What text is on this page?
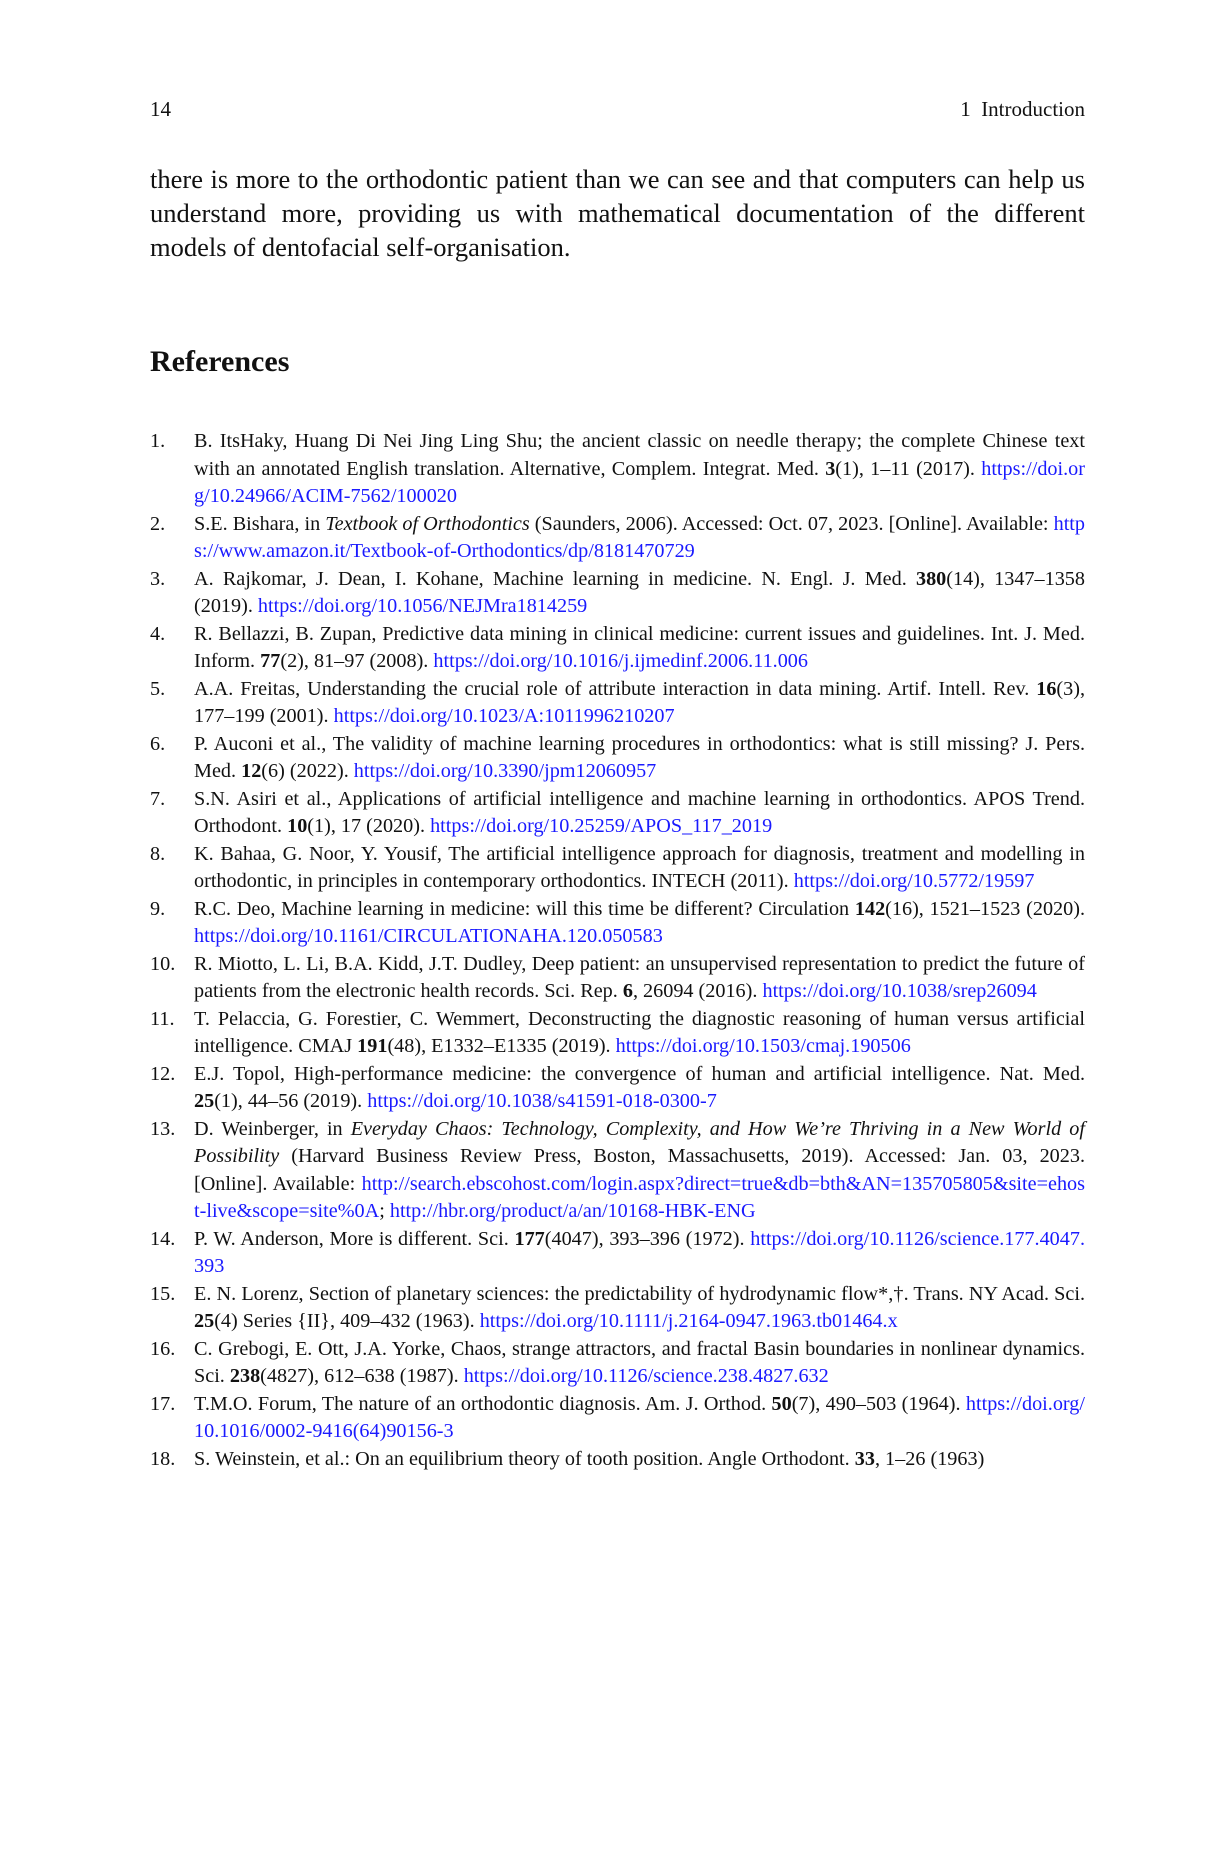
14	1  Introduction

there is more to the orthodontic patient than we can see and that computers can help us understand more, providing us with mathematical documentation of the different models of dentofacial self-organisation.

References
1.	B. ItsHaky, Huang Di Nei Jing Ling Shu; the ancient classic on needle therapy; the complete Chinese text with an annotated English translation. Alternative, Complem. Integrat. Med. 3(1), 1–11 (2017). https://doi.org/10.24966/ACIM-7562/100020
2.	S.E. Bishara, in Textbook of Orthodontics (Saunders, 2006). Accessed: Oct. 07, 2023. [Online]. Available: https://www.amazon.it/Textbook-of-Orthodontics/dp/8181470729
3.	A. Rajkomar, J. Dean, I. Kohane, Machine learning in medicine. N. Engl. J. Med. 380(14), 1347–1358 (2019). https://doi.org/10.1056/NEJMra1814259
4.	R. Bellazzi, B. Zupan, Predictive data mining in clinical medicine: current issues and guidelines. Int. J. Med. Inform. 77(2), 81–97 (2008). https://doi.org/10.1016/j.ijmedinf.2006.11.006
5.	A.A. Freitas, Understanding the crucial role of attribute interaction in data mining. Artif. Intell. Rev. 16(3), 177–199 (2001). https://doi.org/10.1023/A:1011996210207
6.	P. Auconi et al., The validity of machine learning procedures in orthodontics: what is still missing? J. Pers. Med. 12(6) (2022). https://doi.org/10.3390/jpm12060957
7.	S.N. Asiri et al., Applications of artificial intelligence and machine learning in orthodontics. APOS Trend. Orthodont. 10(1), 17 (2020). https://doi.org/10.25259/APOS_117_2019
8.	K. Bahaa, G. Noor, Y. Yousif, The artificial intelligence approach for diagnosis, treatment and modelling in orthodontic, in principles in contemporary orthodontics. INTECH (2011). https://doi.org/10.5772/19597
9.	R.C. Deo, Machine learning in medicine: will this time be different? Circulation 142(16), 1521–1523 (2020). https://doi.org/10.1161/CIRCULATIONAHA.120.050583
10. R. Miotto, L. Li, B.A. Kidd, J.T. Dudley, Deep patient: an unsupervised representation to predict the future of patients from the electronic health records. Sci. Rep. 6, 26094 (2016). https://doi.org/10.1038/srep26094
11. T. Pelaccia, G. Forestier, C. Wemmert, Deconstructing the diagnostic reasoning of human versus artificial intelligence. CMAJ 191(48), E1332–E1335 (2019). https://doi.org/10.1503/cmaj.190506
12. E.J. Topol, High-performance medicine: the convergence of human and artificial intelligence. Nat. Med. 25(1), 44–56 (2019). https://doi.org/10.1038/s41591-018-0300-7
13. D. Weinberger, in Everyday Chaos: Technology, Complexity, and How We’re Thriving in a New World of Possibility (Harvard Business Review Press, Boston, Massachusetts, 2019). Accessed: Jan. 03, 2023. [Online]. Available: http://search.ebscohost.com/login.aspx?direct=true&db=bth&AN=135705805&site=ehost-live&scope=site%0A; http://hbr.org/product/a/an/10168-HBK-ENG
14. P. W. Anderson, More is different. Sci. 177(4047), 393–396 (1972). https://doi.org/10.1126/science.177.4047.393
15. E. N. Lorenz, Section of planetary sciences: the predictability of hydrodynamic flow*,†. Trans. NY Acad. Sci. 25(4) Series {II}, 409–432 (1963). https://doi.org/10.1111/j.2164-0947.1963.tb01464.x
16. C. Grebogi, E. Ott, J.A. Yorke, Chaos, strange attractors, and fractal Basin boundaries in nonlinear dynamics. Sci. 238(4827), 612–638 (1987). https://doi.org/10.1126/science.238.4827.632
17. T.M.O. Forum, The nature of an orthodontic diagnosis. Am. J. Orthod. 50(7), 490–503 (1964). https://doi.org/10.1016/0002-9416(64)90156-3
18. S. Weinstein, et al.: On an equilibrium theory of tooth position. Angle Orthodont. 33, 1–26 (1963)
